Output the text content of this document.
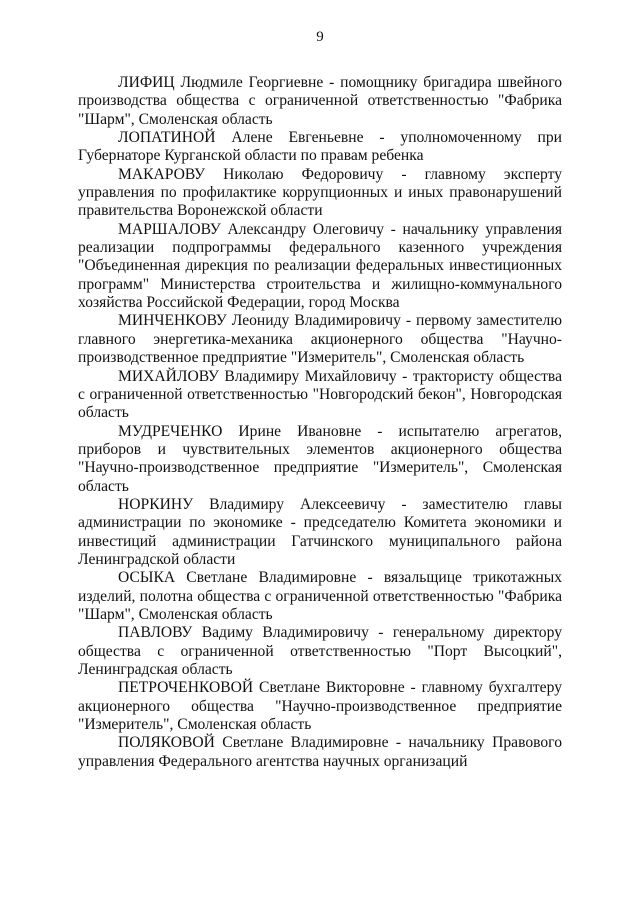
9

ЛИФИЦ Людмиле Георгиевне - помощнику бригадира швейного производства общества с ограниченной ответственностью "Фабрика "Шарм", Смоленская область

ЛОПАТИНОЙ Алене Евгеньевне - уполномоченному при Губернаторе Курганской области по правам ребенка

МАКАРОВУ Николаю Федоровичу - главному эксперту управления по профилактике коррупционных и иных правонарушений правительства Воронежской области

МАРШАЛОВУ Александру Олеговичу - начальнику управления реализации подпрограммы федерального казенного учреждения "Объединенная дирекция по реализации федеральных инвестиционных программ" Министерства строительства и жилищно-коммунального хозяйства Российской Федерации, город Москва

МИНЧЕНКОВУ Леониду Владимировичу - первому заместителю главного энергетика-механика акционерного общества "Научно-производственное предприятие "Измеритель", Смоленская область

МИХАЙЛОВУ Владимиру Михайловичу - трактористу общества с ограниченной ответственностью "Новгородский бекон", Новгородская область

МУДРЕЧЕНКО Ирине Ивановне - испытателю агрегатов, приборов и чувствительных элементов акционерного общества "Научно-производственное предприятие "Измеритель", Смоленская область

НОРКИНУ Владимиру Алексеевичу - заместителю главы администрации по экономике - председателю Комитета экономики и инвестиций администрации Гатчинского муниципального района Ленинградской области

ОСЫКА Светлане Владимировне - вязальщице трикотажных изделий, полотна общества с ограниченной ответственностью "Фабрика "Шарм", Смоленская область

ПАВЛОВУ Вадиму Владимировичу - генеральному директору общества с ограниченной ответственностью "Порт Высоцкий", Ленинградская область

ПЕТРОЧЕНКОВОЙ Светлане Викторовне - главному бухгалтеру акционерного общества "Научно-производственное предприятие "Измеритель", Смоленская область

ПОЛЯКОВОЙ Светлане Владимировне - начальнику Правового управления Федерального агентства научных организаций
